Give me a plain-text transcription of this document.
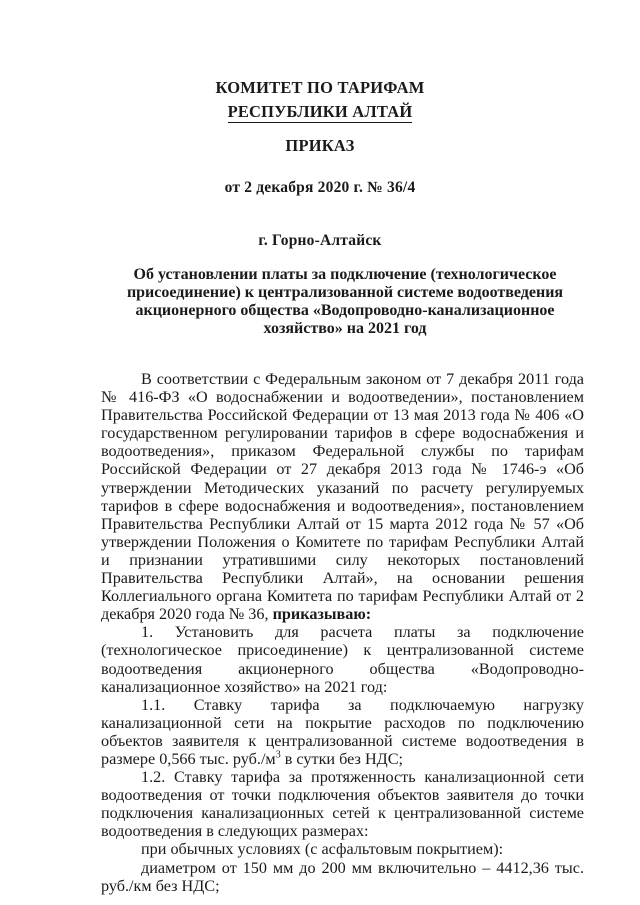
КОМИТЕТ ПО ТАРИФАМ
РЕСПУБЛИКИ АЛТАЙ
ПРИКАЗ
от 2 декабря 2020 г. № 36/4
г. Горно-Алтайск
Об установлении платы за подключение (технологическое
присоединение) к централизованной системе водоотведения
акционерного общества «Водопроводно-канализационное
хозяйство» на 2021 год

В соответствии с Федеральным законом от 7 декабря 2011 года № 416-ФЗ «О водоснабжении и водоотведении», постановлением Правительства Российской Федерации от 13 мая 2013 года № 406 «О государственном регулировании тарифов в сфере водоснабжения и водоотведения», приказом Федеральной службы по тарифам Российской Федерации от 27 декабря 2013 года № 1746-э «Об утверждении Методических указаний по расчету регулируемых тарифов в сфере водоснабжения и водоотведения», постановлением Правительства Республики Алтай от 15 марта 2012 года № 57 «Об утверждении Положения о Комитете по тарифам Республики Алтай и признании утратившими силу некоторых постановлений Правительства Республики Алтай», на основании решения Коллегиального органа Комитета по тарифам Республики Алтай от 2 декабря 2020 года № 36, приказываю:

1. Установить для расчета платы за подключение (технологическое присоединение) к централизованной системе водоотведения акционерного общества «Водопроводно-канализационное хозяйство» на 2021 год:

1.1. Ставку тарифа за подключаемую нагрузку канализационной сети на покрытие расходов по подключению объектов заявителя к централизованной системе водоотведения в размере 0,566 тыс. $руб./м^3$ в сутки без НДС;

1.2. Ставку тарифа за протяженность канализационной сети водоотведения от точки подключения объектов заявителя до точки подключения канализационных сетей к централизованной системе водоотведения в следующих размерах:

при обычных условиях (с асфальтовым покрытием):

диаметром от 150 мм до 200 мм включительно – 4412,36 тыс. руб./км без НДС;
